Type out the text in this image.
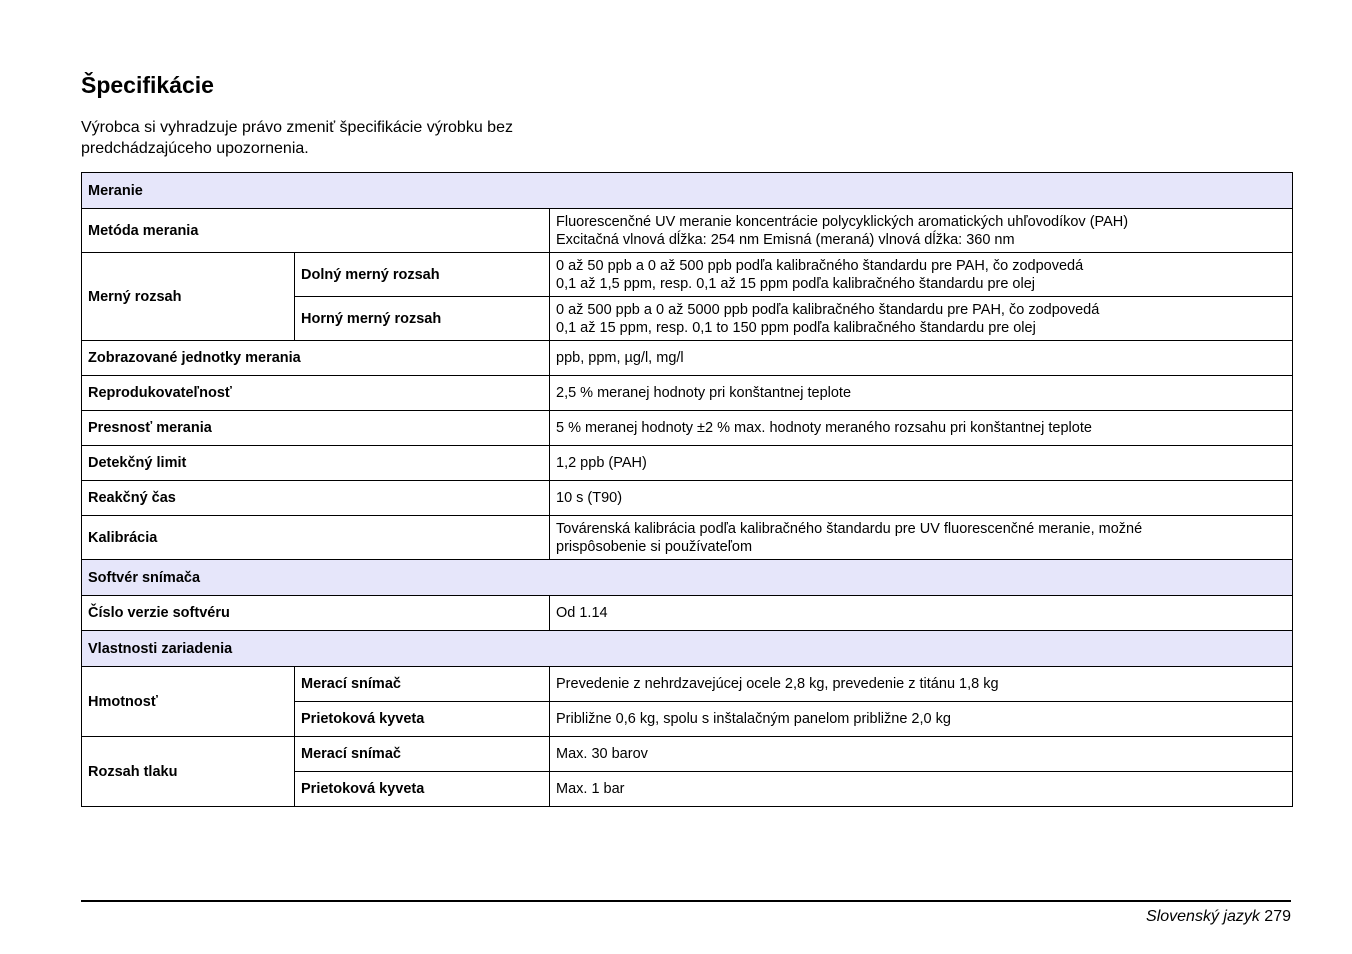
Špecifikácie

Výrobca si vyhradzuje právo zmeniť špecifikácie výrobku bez predchádzajúceho upozornenia.

Meranie		
Metóda merania		Fluorescenčné UV meranie koncentrácie polycyklických aromatických uhľovodíkov (PAH)
Excitačná vlnová dĺžka: 254 nm Emisná (meraná) vlnová dĺžka: 360 nm

Merný rozsah	Dolný merný rozsah	0 až 50 ppb a 0 až 500 ppb podľa kalibračného štandardu pre PAH, čo zodpovedá
0,1 až 1,5 ppm, resp. 0,1 až 15 ppm podľa kalibračného štandardu pre olej

	Horný merný rozsah	0 až 500 ppb a 0 až 5000 ppb podľa kalibračného štandardu pre PAH, čo zodpovedá
0,1 až 15 ppm, resp. 0,1 to 150 ppm podľa kalibračného štandardu pre olej

Zobrazované jednotky merania		ppb, ppm, µg/l, mg/l
Reprodukovateľnosť		2,5 % meranej hodnoty pri konštantnej teplote
Presnosť merania		5 % meranej hodnoty ±2 % max. hodnoty meraného rozsahu pri konštantnej teplote
Detekčný limit		1,2 ppb (PAH)
Reakčný čas		10 s (T90)
Kalibrácia		Továrenská kalibrácia podľa kalibračného štandardu pre UV fluorescenčné meranie, možné
prispôsobenie si používateľom

Softvér snímača		
Číslo verzie softvéru		Od 1.14
Vlastnosti zariadenia		
Hmotnosť	Merací snímač	Prevedenie z nehrdzavejúcej ocele 2,8 kg, prevedenie z titánu 1,8 kg
	Prietoková kyveta	Približne 0,6 kg, spolu s inštalačným panelom približne 2,0 kg
Rozsah tlaku	Merací snímač	Max. 30 barov
	Prietoková kyveta	Max. 1 bar
Slovenský jazyk 279
